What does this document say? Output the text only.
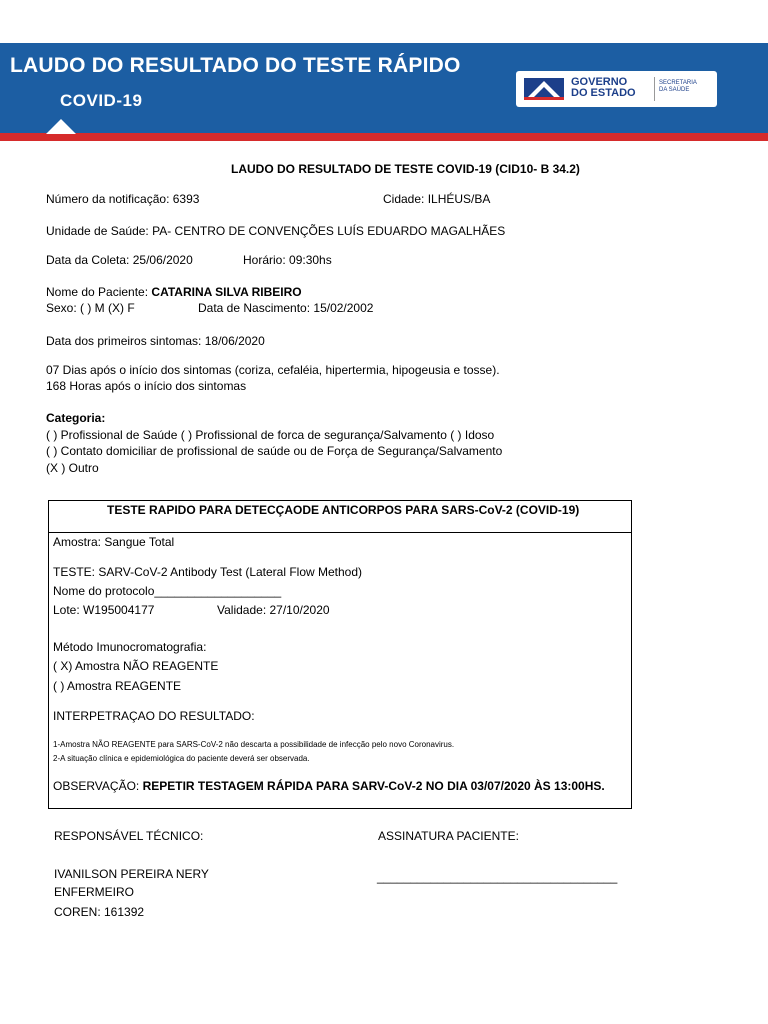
LAUDO DO RESULTADO DO TESTE RÁPIDO
COVID-19
GOVERNO
DO ESTADO
SECRETARIA
DA SAÚDE
LAUDO DO RESULTADO DE TESTE COVID-19 (CID10- B 34.2)
Número da notificação: 6393	Cidade: ILHÉUS/BA
Unidade de Saúde: PA- CENTRO DE CONVENÇÕES LUÍS EDUARDO MAGALHÃES
Data da Coleta: 25/06/2020	Horário: 09:30hs
Nome do Paciente: CATARINA SILVA RIBEIRO
Sexo: ( ) M (X) F	Data de Nascimento: 15/02/2002
Data dos primeiros sintomas: 18/06/2020
07 Dias após o início dos sintomas (coriza, cefaléia, hipertermia, hipogeusia e tosse).
168 Horas após o início dos sintomas
Categoria:
( ) Profissional de Saúde ( ) Profissional de forca de segurança/Salvamento ( ) Idoso
( ) Contato domiciliar de profissional de saúde ou de Força de Segurança/Salvamento
(X ) Outro
TESTE RAPIDO PARA DETECÇAODE ANTICORPOS PARA SARS-CoV-2 (COVID-19)
Amostra: Sangue Total
TESTE: SARV-CoV-2 Antibody Test (Lateral Flow Method)
Nome do protocolo___________________
Lote: W195004177	Validade: 27/10/2020
Método Imunocromatografia:
( X) Amostra NÃO REAGENTE
( ) Amostra REAGENTE
INTERPETRAÇAO DO RESULTADO:
1-Amostra NÃO REAGENTE para SARS-CoV-2 não descarta a possibilidade de infecção pelo novo Coronavirus.
2-A situação clínica e epidemiológica do paciente deverá ser observada.
OBSERVAÇÃO: REPETIR TESTAGEM RÁPIDA PARA SARV-CoV-2 NO DIA 03/07/2020 ÀS 13:00HS.
RESPONSÁVEL TÉCNICO:	ASSINATURA PACIENTE:
IVANILSON PEREIRA NERY	____________________________________
ENFERMEIRO
COREN: 161392
